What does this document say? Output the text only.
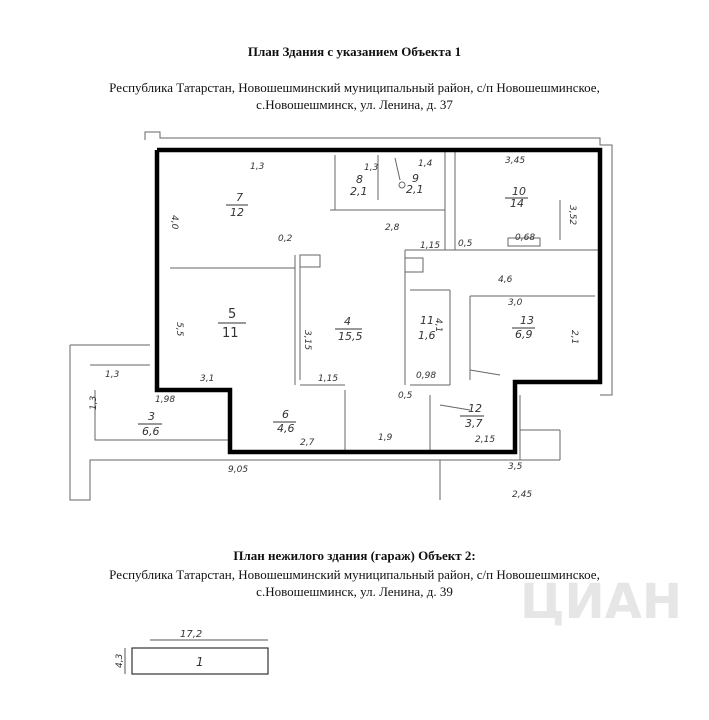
План Здания с указанием Объекта 1
Республика Татарстан, Новошешминский муниципальный район, с/п Новошешминское,
с.Новошешминск, ул. Ленина, д. 37
План нежилого здания (гараж) Объект 2:
Республика Татарстан, Новошешминский муниципальный район, с/п Новошешминское,
с.Новошешминск, ул. Ленина, д. 39	ЦИАН
7
12
8
2,1
9
2,1	10
14
5
11
4
15,5
11
1,6
13
6,9
3
6,6
6
4,6
12
3,7
1,3	1,4	3,45
3,52
4,0
0,68
4,6
3,0
2,1
3,1	1,15
1,15 0,5
0,98
0,5
1,9
2,7	2,15
9,05	3,5
2,45
1,98
1,3
2,8
0,2
5,5
3,15
4,1
1,3
1,3
17,2
4,3	1
